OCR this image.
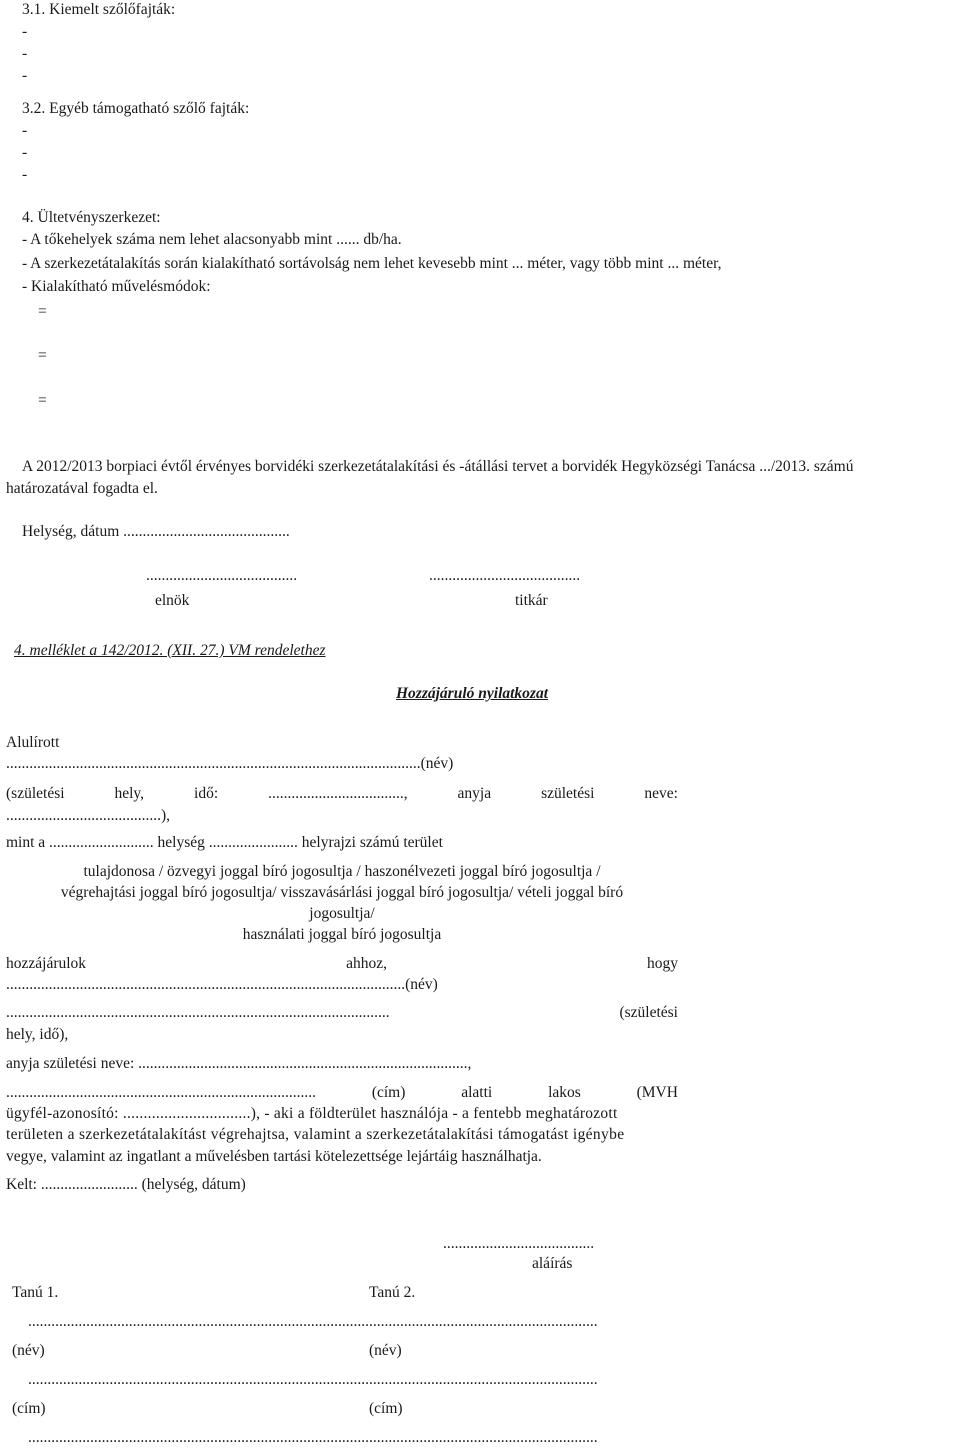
3.1. Kiemelt szőlőfajták:
-
-
-
3.2. Egyéb támogatható szőlő fajták:
-
-
-
4. Ültetvényszerkezet:
- A tőkehelyek száma nem lehet alacsonyabb mint ...... db/ha.
- A szerkezetátalakítás során kialakítható sortávolság nem lehet kevesebb mint ... méter, vagy több mint ... méter,
- Kialakítható művelésmódok:
=
=
=
A 2012/2013 borpiaci évtől érvényes borvidéki szerkezetátalakítási és -átállási tervet a borvidék Hegyközségi Tanácsa .../2013. számú
határozatával fogadta el.
Helység, dátum ...........................................
.......................................	.......................................
elnök	titkár
4. melléklet a 142/2012. (XII. 27.) VM rendelethez
Hozzájáruló nyilatkozat
Alulírott
...........................................................................................................(név)
(születési	hely,	idő:	...................................,	anyja	születési	neve:
........................................),
mint a ........................... helység ....................... helyrajzi számú terület
tulajdonosa / özvegyi joggal bíró jogosultja / haszonélvezeti joggal bíró jogosultja /
végrehajtási joggal bíró jogosultja/ visszavásárlási joggal bíró jogosultja/ vételi joggal bíró
jogosultja/
használati joggal bíró jogosultja
hozzájárulok	ahhoz,	hogy
.......................................................................................................(név)
...................................................................................................	(születési
hely, idő),
anyja születési neve: .....................................................................................,
................................................................................	(cím)	alatti	lakos	(MVH
ügyfél-azonosító: ...............................), - aki a földterület használója - a fentebb meghatározott
területen a szerkezetátalakítást végrehajtsa, valamint a szerkezetátalakítási támogatást igénybe
vegye, valamint az ingatlant a művelésben tartási kötelezettsége lejártáig használhatja.
Kelt: ......................... (helység, dátum)
.......................................
aláírás
Tanú 1.	Tanú 2.
...................................................................................................................................................
(név)	(név)
...................................................................................................................................................
(cím)	(cím)
...................................................................................................................................................
